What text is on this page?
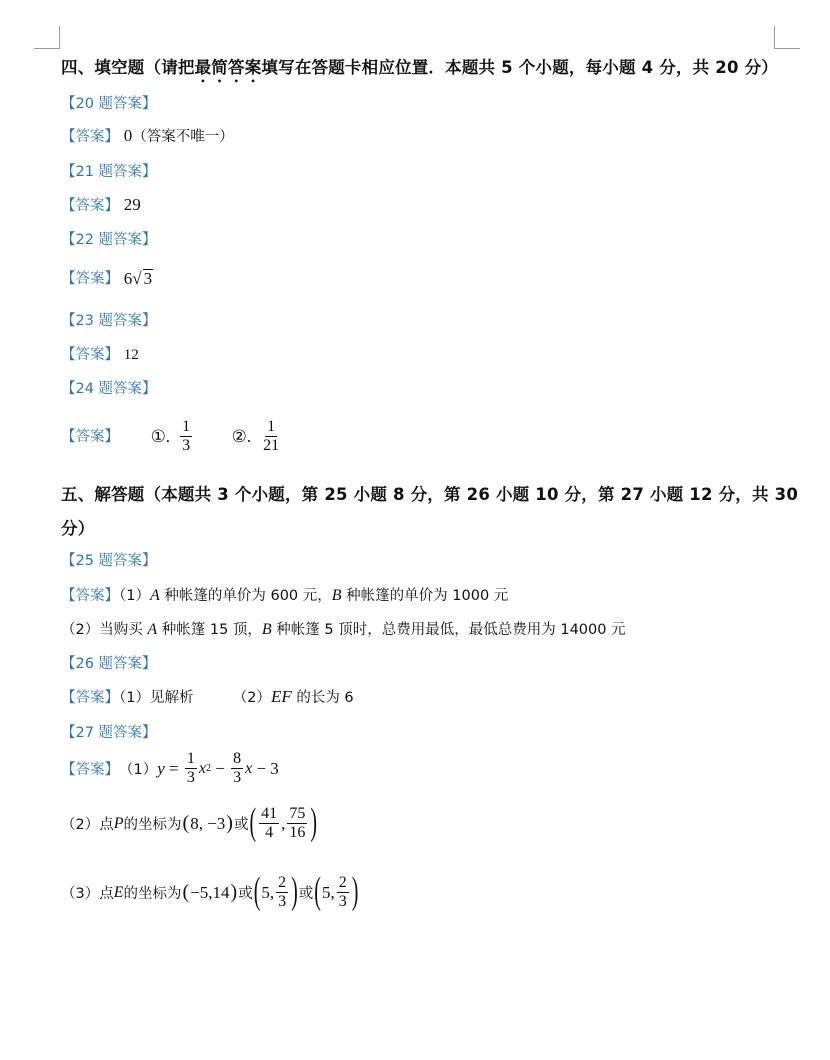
四、填空题（请把最简答案填写在答题卡相应位置．本题共 5 个小题，每小题 4 分，共 20 分）
【20 题答案】
【答案】 0（答案不唯一）
【21 题答案】
【答案】 29
【22 题答案】
【答案】 6 √ 3
【23 题答案】
【答案】 12
【24 题答案】
【答案】 ①. $\frac{1}{3}$
②. $\frac{1}{21}$
五、解答题（本题共 3 个小题，第 25 小题 8 分，第 26 小题 10 分，第 27 小题 12 分，共 30
分）
【25 题答案】
【答案】（1）A 种帐篷的单价为 600 元，B 种帐篷的单价为 1000 元
（2）当购买 A 种帐篷 15 顶，B 种帐篷 5 顶时，总费用最低，最低总费用为 14000 元
【26 题答案】
【答案】（1）见解析	（2）EF 的长为 6
【27 题答案】
【答案】 （1） $y = \frac{1}{3}$ x $2 - \frac{8}{3}$ x − 3
（2）点 P 的坐标为 ( 8, −3 ) 或 ( $\frac{41}{4}$ , $\frac{75}{16}$ )
（3）点 E 的坐标为 ( −5,14 ) 或 ( 5, $\frac{2}{3}$ ) 或 ( 5, $\frac{2}{3}$ )
